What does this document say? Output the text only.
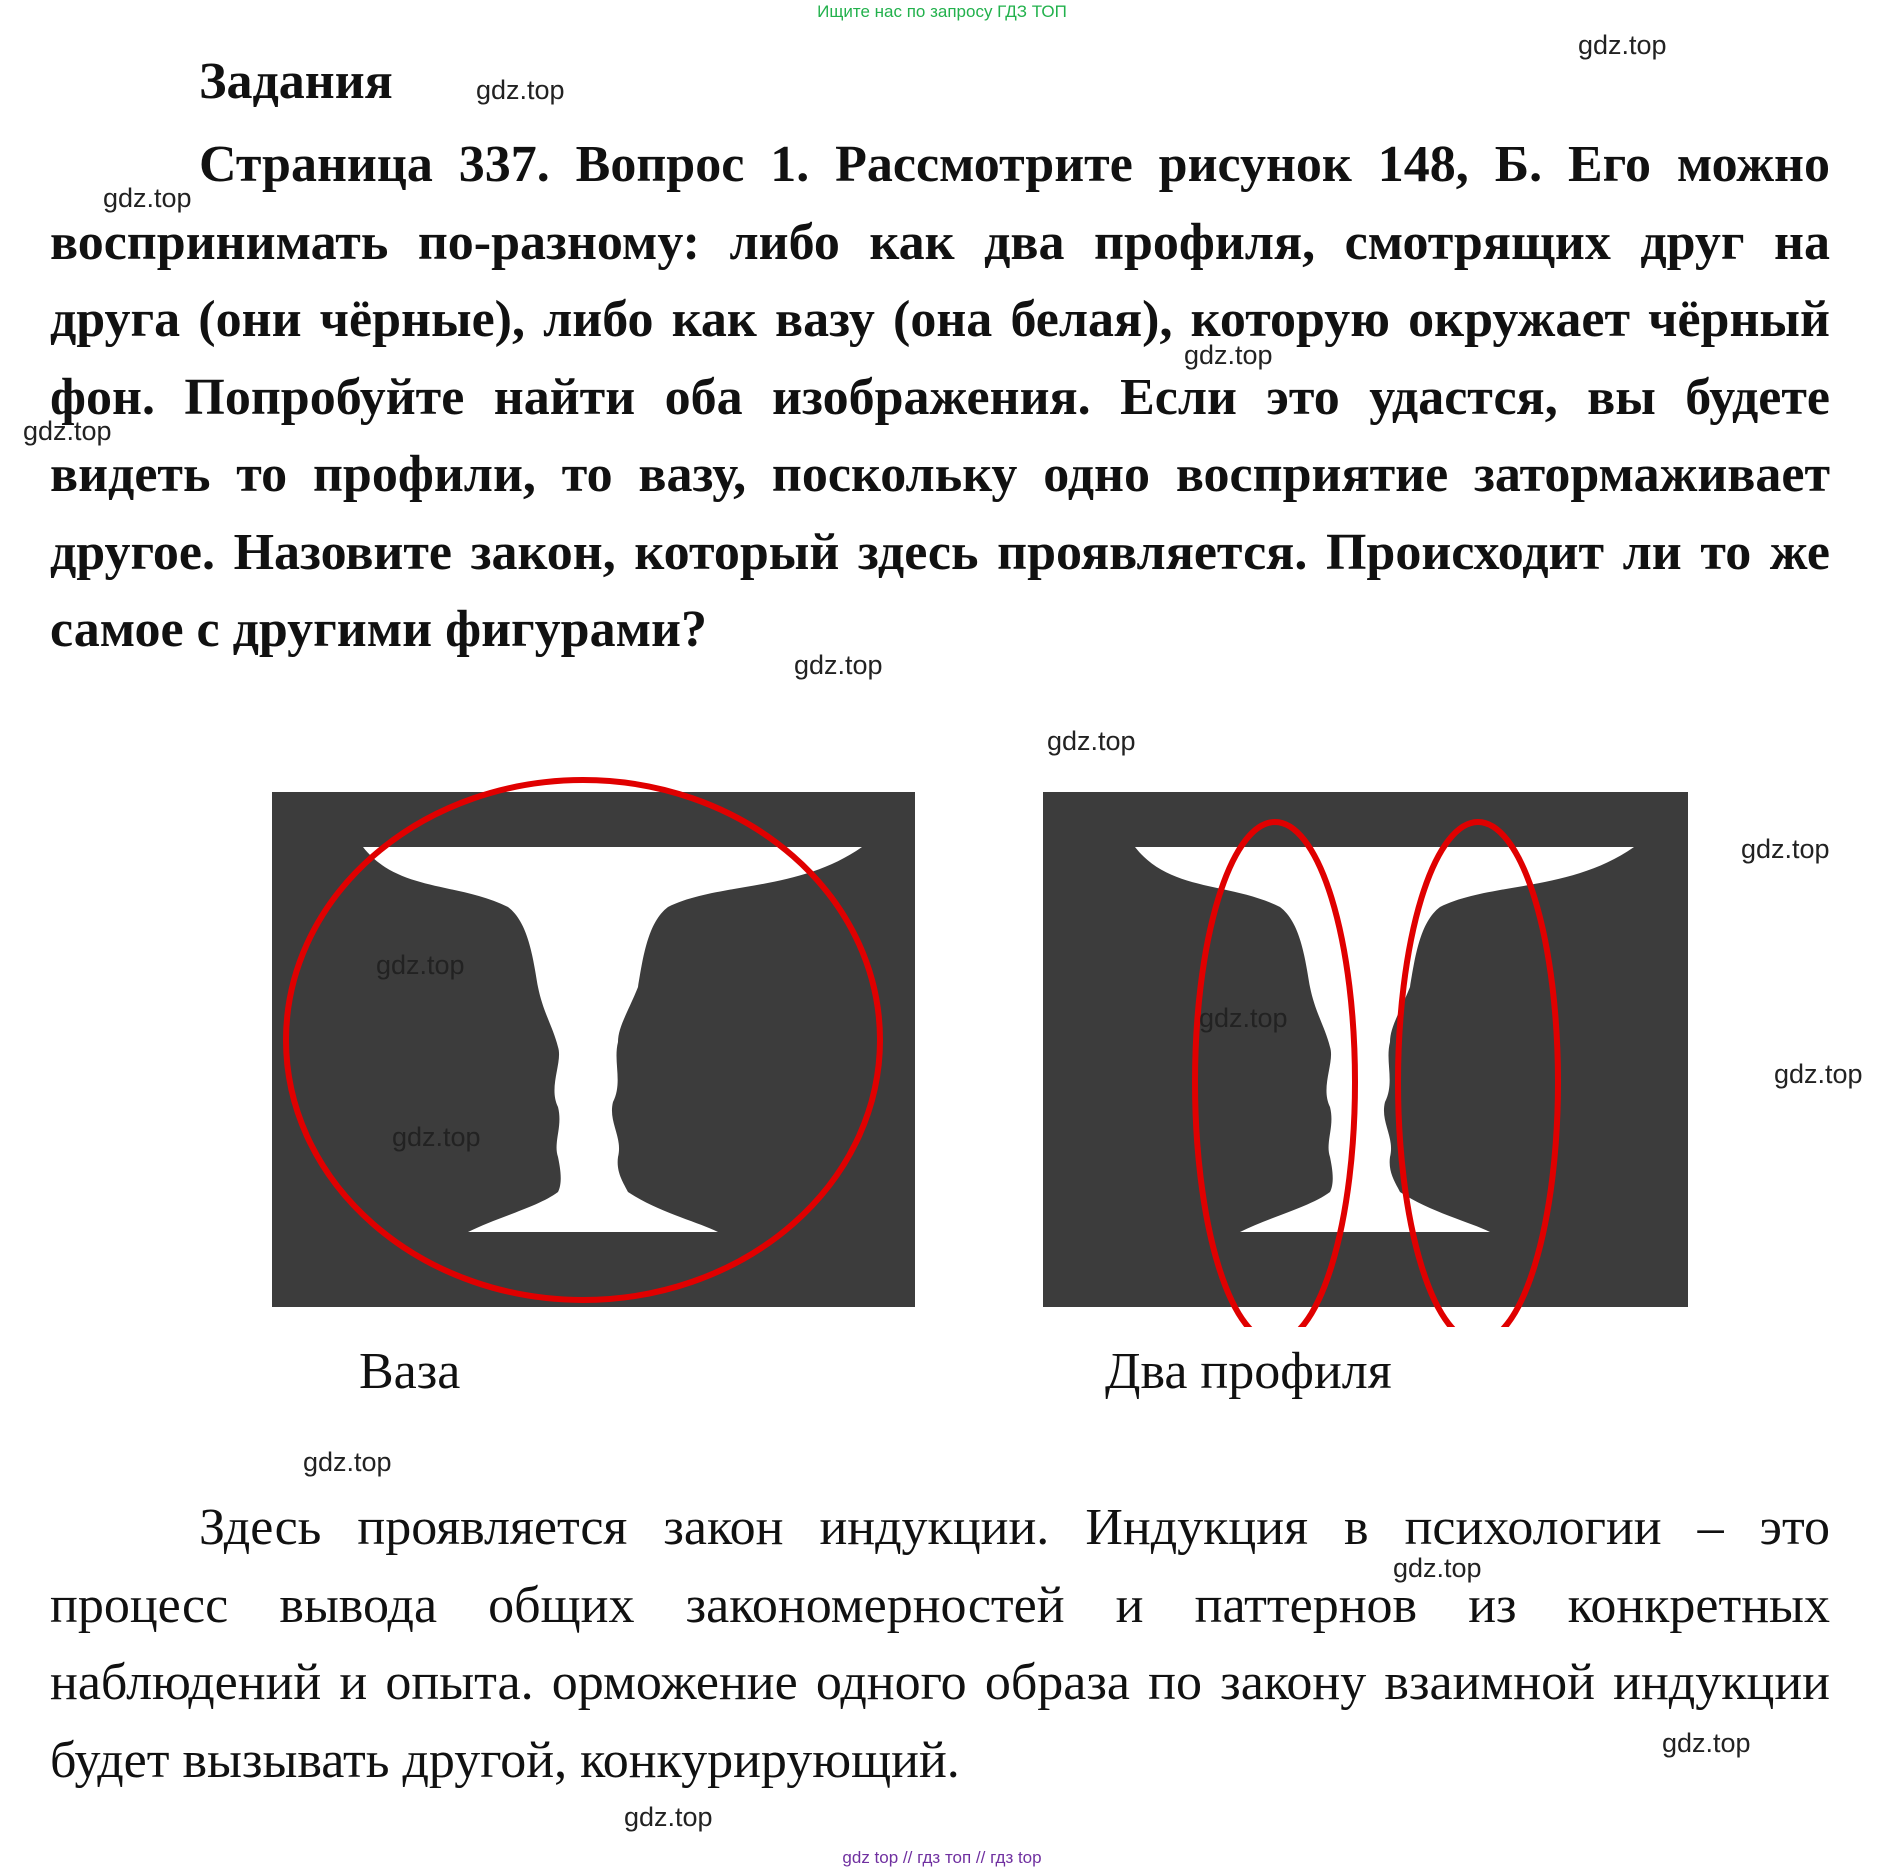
Ищите нас по запросу ГДЗ ТОП
Задания

Страница 337. Вопрос 1. Рассмотрите рисунок 148, Б. Его можно воспринимать по-разному: либо как два профиля, смотрящих друг на друга (они чёрные), либо как вазу (она белая), которую окружает чёрный фон. Попробуйте найти оба изображения. Если это удастся, вы будете видеть то профили, то вазу, поскольку одно восприятие затормаживает другое. Назовите закон, который здесь проявляется. Происходит ли то же самое с другими фигурами?

Ваза	Два профиля

Здесь проявляется закон индукции. Индукция в психологии – это процесс вывода общих закономерностей и паттернов из конкретных наблюдений и опыта. орможение одного образа по закону взаимной индукции будет вызывать другой, конкурирующий.

gdz.top
gdz.top
gdz.top
gdz.top
gdz.top
gdz.top
gdz.top
gdz.top
gdz.top
gdz.top
gdz.top
gdz.top
gdz.top
gdz.top
gdz.top
gdz.top
gdz top // гдз топ // гдз top
